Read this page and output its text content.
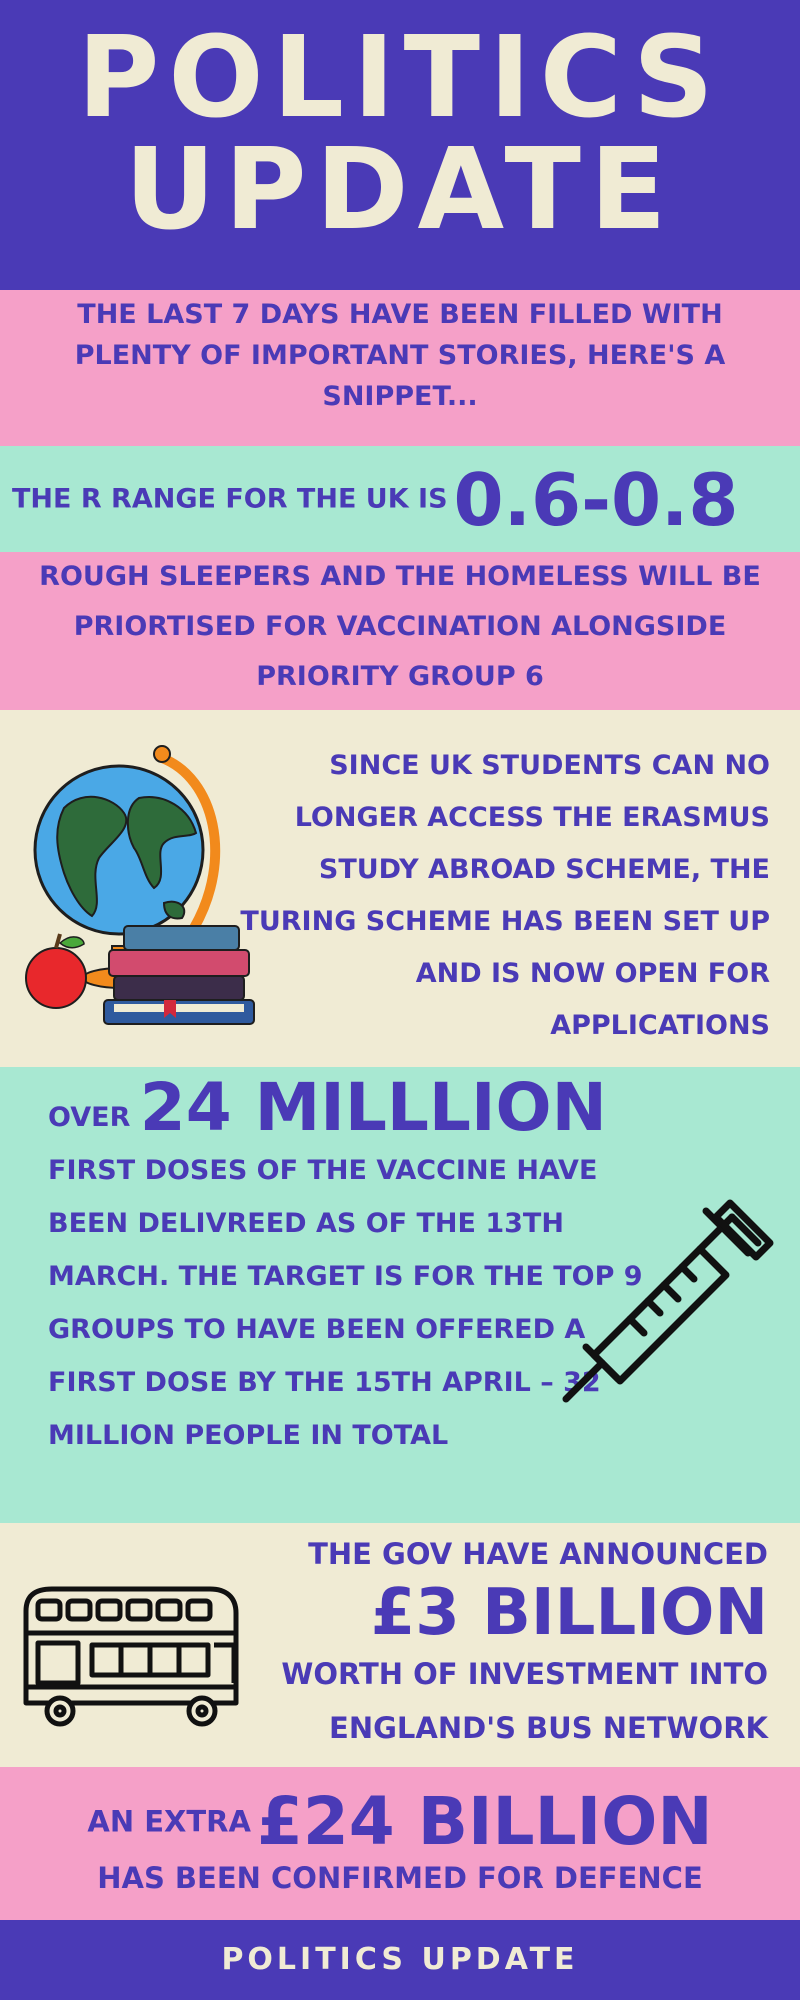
POLITICS
UPDATE
THE LAST 7 DAYS HAVE BEEN FILLED WITH PLENTY OF IMPORTANT STORIES, HERE'S A SNIPPET...
THE R RANGE FOR THE UK IS0.6-0.8
ROUGH SLEEPERS AND THE HOMELESS WILL BE PRIORTISED FOR VACCINATION ALONGSIDE PRIORITY GROUP 6
SINCE UK STUDENTS CAN NO LONGER ACCESS THE ERASMUS STUDY ABROAD SCHEME, THE TURING SCHEME HAS BEEN SET UP AND IS NOW OPEN FOR APPLICATIONS
OVER 24 MILLLION FIRST DOSES OF THE VACCINE HAVE BEEN DELIVREED AS OF THE 13TH MARCH. THE TARGET IS FOR THE TOP 9 GROUPS TO HAVE BEEN OFFERED A FIRST DOSE BY THE 15TH APRIL – 32 MILLION PEOPLE IN TOTAL
THE GOV HAVE ANNOUNCED
£3 BILLION
WORTH OF INVESTMENT INTO ENGLAND'S BUS NETWORK
AN EXTRA£24 BILLION
HAS BEEN CONFIRMED FOR DEFENCE
POLITICS UPDATE
